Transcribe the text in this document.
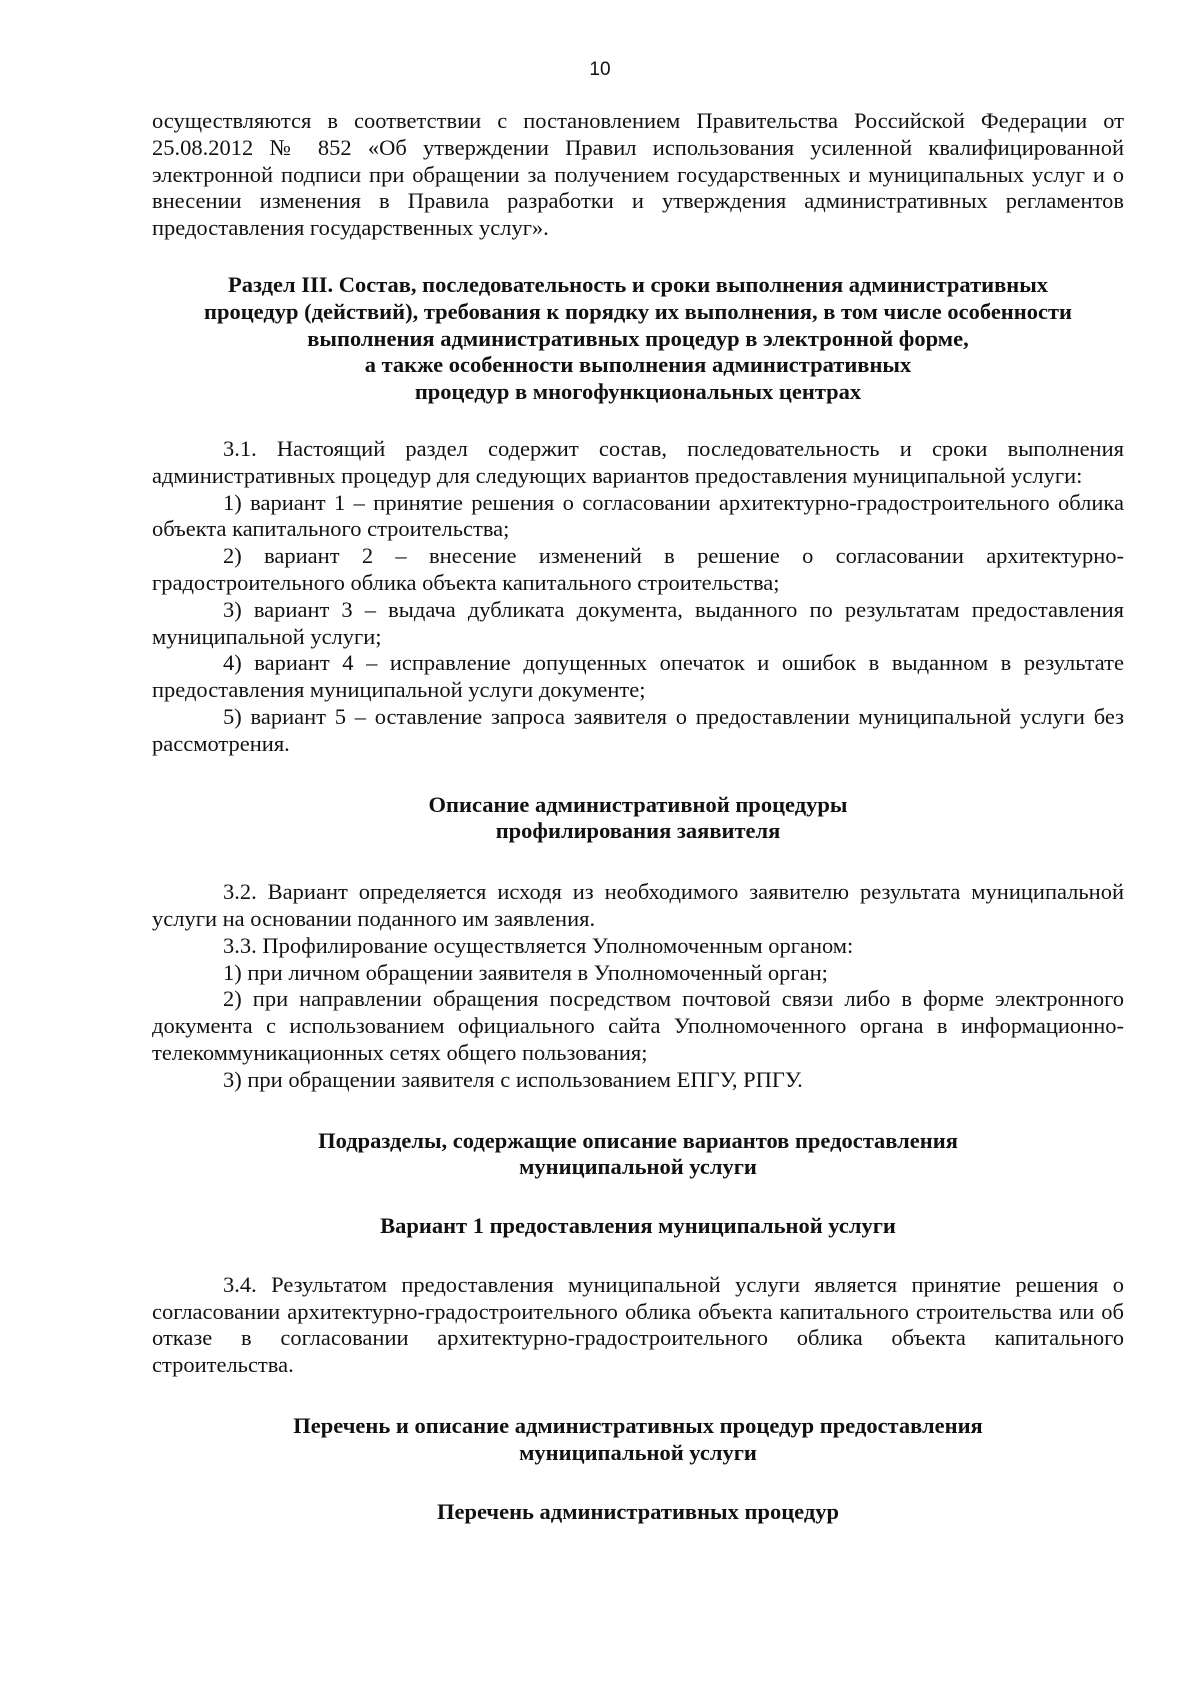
10

осуществляются в соответствии с постановлением Правительства Российской Федерации от 25.08.2012 № 852 «Об утверждении Правил использования усиленной квалифицированной электронной подписи при обращении за получением государственных и муниципальных услуг и о внесении изменения в Правила разработки и утверждения административных регламентов предоставления государственных услуг».

Раздел III. Состав, последовательность и сроки выполнения административных
процедур (действий), требования к порядку их выполнения, в том числе особенности
выполнения административных процедур в электронной форме,
а также особенности выполнения административных
процедур в многофункциональных центрах

3.1. Настоящий раздел содержит состав, последовательность и сроки выполнения административных процедур для следующих вариантов предоставления муниципальной услуги:

1) вариант 1 – принятие решения о согласовании архитектурно-градостроительного облика объекта капитального строительства;

2) вариант 2 – внесение изменений в решение о согласовании архитектурно-градостроительного облика объекта капитального строительства;

3) вариант 3 – выдача дубликата документа, выданного по результатам предоставления муниципальной услуги;

4) вариант 4 – исправление допущенных опечаток и ошибок в выданном в результате предоставления муниципальной услуги документе;

5) вариант 5 – оставление запроса заявителя о предоставлении муниципальной услуги без рассмотрения.

Описание административной процедуры
профилирования заявителя

3.2. Вариант определяется исходя из необходимого заявителю результата муниципальной услуги на основании поданного им заявления.

3.3. Профилирование осуществляется Уполномоченным органом:

1) при личном обращении заявителя в Уполномоченный орган;

2) при направлении обращения посредством почтовой связи либо в форме электронного документа с использованием официального сайта Уполномоченного органа в информационно-телекоммуникационных сетях общего пользования;

3) при обращении заявителя с использованием ЕПГУ, РПГУ.

Подразделы, содержащие описание вариантов предоставления
муниципальной услуги
Вариант 1 предоставления муниципальной услуги

3.4. Результатом предоставления муниципальной услуги является принятие решения о согласовании архитектурно-градостроительного облика объекта капитального строительства или об отказе в согласовании архитектурно-градостроительного облика объекта капитального строительства.

Перечень и описание административных процедур предоставления
муниципальной услуги
Перечень административных процедур
